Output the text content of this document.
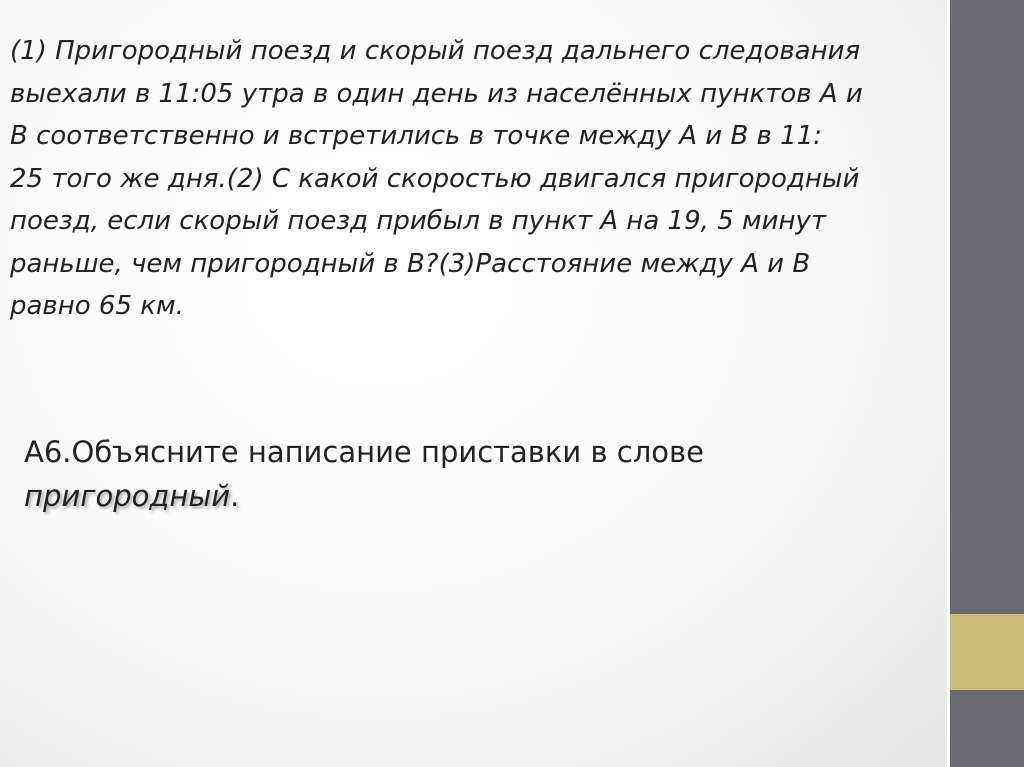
(1) Пригородный поезд и скорый поезд дальнего следования
выехали в 11:05 утра в один день из населённых пунктов А и
В соответственно и встретились в точке между А и В в 11:
25 того же дня.(2) С какой скоростью двигался пригородный
поезд, если скорый поезд прибыл в пункт А на 19, 5 минут
раньше, чем пригородный в В?(3)Расстояние между А и В
равно 65 км.

А6.Объясните написание приставки в слове
пригородный.
